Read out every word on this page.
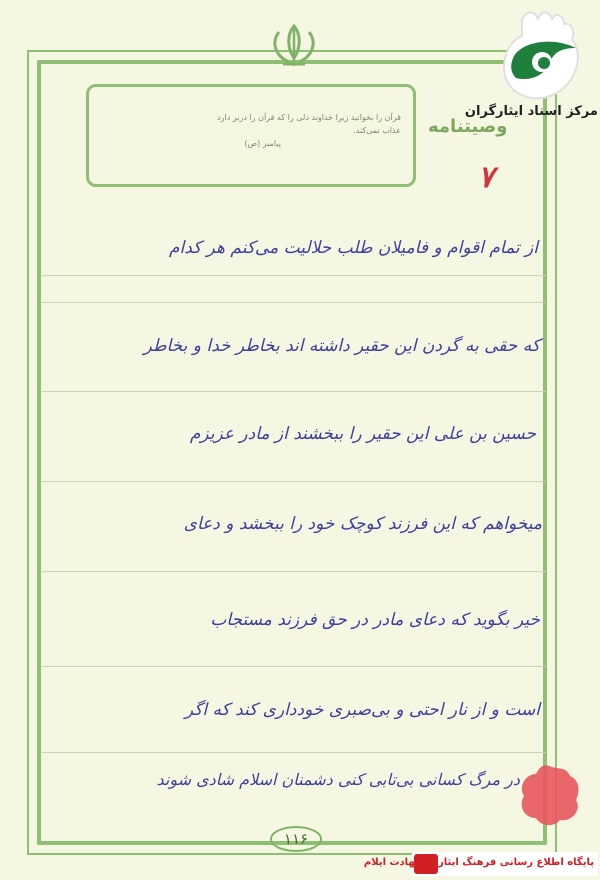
قرآن را بخوانید زیرا خداوند دلی را که قرآن را دربر دارد
عذاب نمی‌کند.

پیامبر (ص)
وصیتنامه
۷
مرکز اسناد ایثارگران
از تمام اقوام و فامیلان طلب حلالیت می‌کنم هر کدام
که حقی به گردن این حقیر داشته اند بخاطر خدا و بخاطر
حسین بن علی این حقیر را ببخشند از مادر عزیزم
میخواهم که این فرزند کوچک خود را ببخشد و دعای
خیر بگوید که دعای مادر در حق فرزند مستجاب
است و از نار احتی و بی‌صبری خودداری کند که اگر
در مرگ کسانی بی‌تابی کنی دشمنان اسلام شادی شوند
۱۱۶
پایگاه اطلاع رسانی فرهنگ ایثار و شهادت ایلام
